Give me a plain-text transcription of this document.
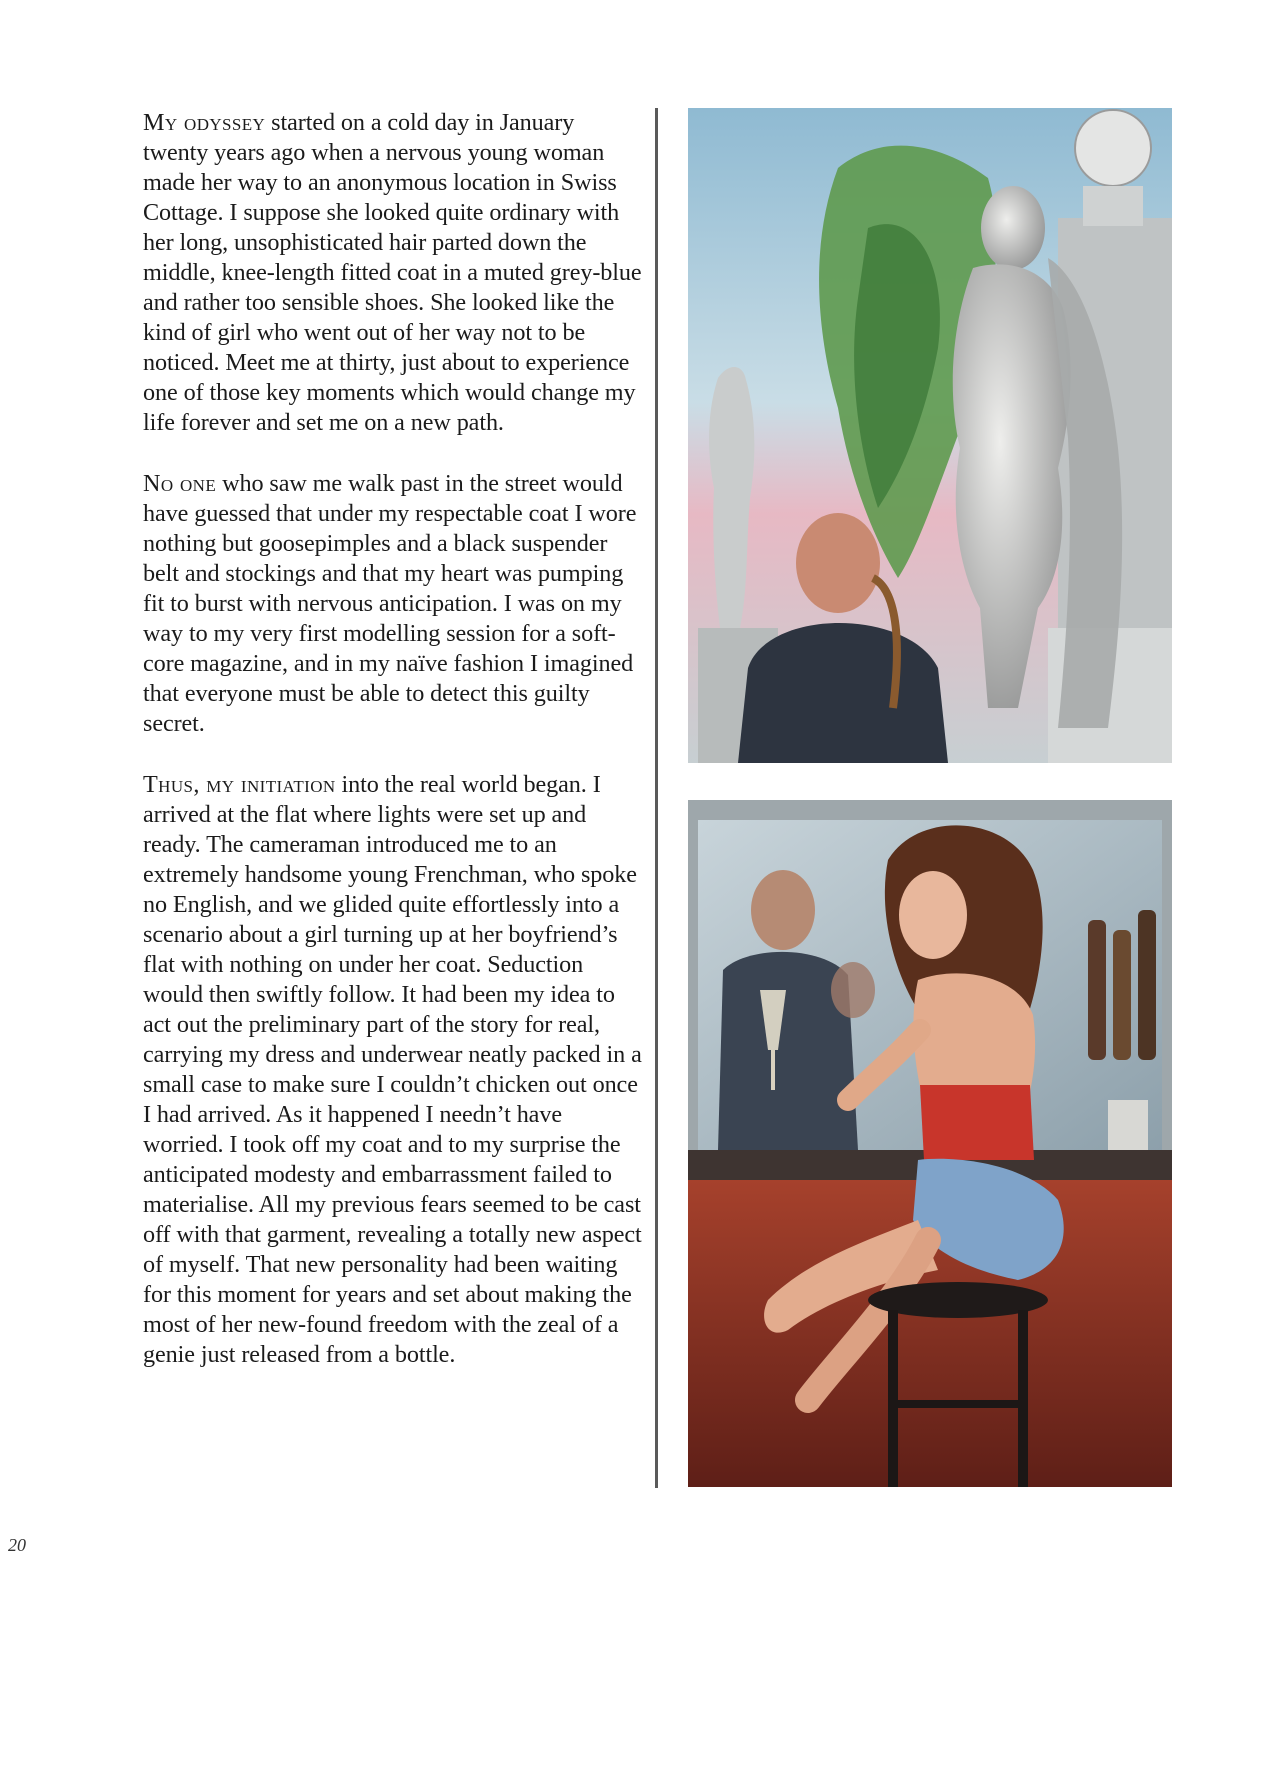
My odyssey started on a cold day in January twenty years ago when a nervous young woman made her way to an anonymous location in Swiss Cottage. I suppose she looked quite ordinary with her long, unsophisticated hair parted down the middle, knee-length fitted coat in a muted grey-blue and rather too sensible shoes. She looked like the kind of girl who went out of her way not to be noticed. Meet me at thirty, just about to experience one of those key moments which would change my life forever and set me on a new path.

No one who saw me walk past in the street would have guessed that under my respectable coat I wore nothing but goosepimples and a black suspender belt and stockings and that my heart was pumping fit to burst with nervous anticipation. I was on my way to my very first modelling session for a soft-core magazine, and in my naïve fashion I imagined that everyone must be able to detect this guilty secret.

Thus, my initiation into the real world began. I arrived at the flat where lights were set up and ready. The cameraman introduced me to an extremely handsome young Frenchman, who spoke no English, and we glided quite effortlessly into a scenario about a girl turning up at her boyfriend’s flat with nothing on under her coat. Seduction would then swiftly follow. It had been my idea to act out the preliminary part of the story for real, carrying my dress and underwear neatly packed in a small case to make sure I couldn’t chicken out once I had arrived. As it happened I needn’t have worried. I took off my coat and to my surprise the anticipated modesty and embarrassment failed to materialise. All my previous fears seemed to be cast off with that garment, revealing a totally new aspect of myself. That new personality had been waiting for this moment for years and set about making the most of her new-found freedom with the zeal of a genie just released from a bottle.

20
